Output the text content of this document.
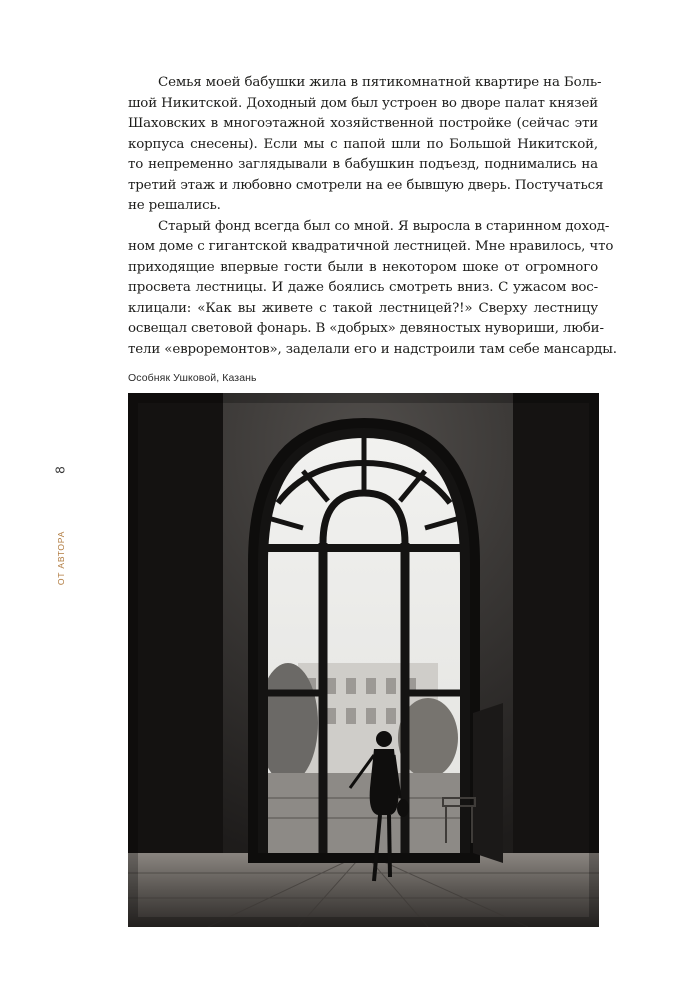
Семья моей бабушки жила в пятикомнатной квартире на Боль-
шой Никитской. Доходный дом был устроен во дворе палат князей
Шаховских в многоэтажной хозяйственной постройке (сейчас эти
корпуса снесены). Если мы с папой шли по Большой Никитской,
то непременно заглядывали в бабушкин подъезд, поднимались на
третий этаж и любовно смотрели на ее бывшую дверь. Постучаться
не решались.
Старый фонд всегда был со мной. Я выросла в старинном доход-
ном доме с гигантской квадратичной лестницей. Мне нравилось, что
приходящие впервые гости были в некотором шоке от огромного
просвета лестницы. И даже боялись смотреть вниз. С ужасом вос-
клицали: «Как вы живете с такой лестницей?!» Сверху лестницу
освещал световой фонарь. В «добрых» девяностых нувориши, люби-
тели «евроремонтов», заделали его и надстроили там себе мансарды.
8
ОТ АВТОРА
Особняк Ушковой, Казань
